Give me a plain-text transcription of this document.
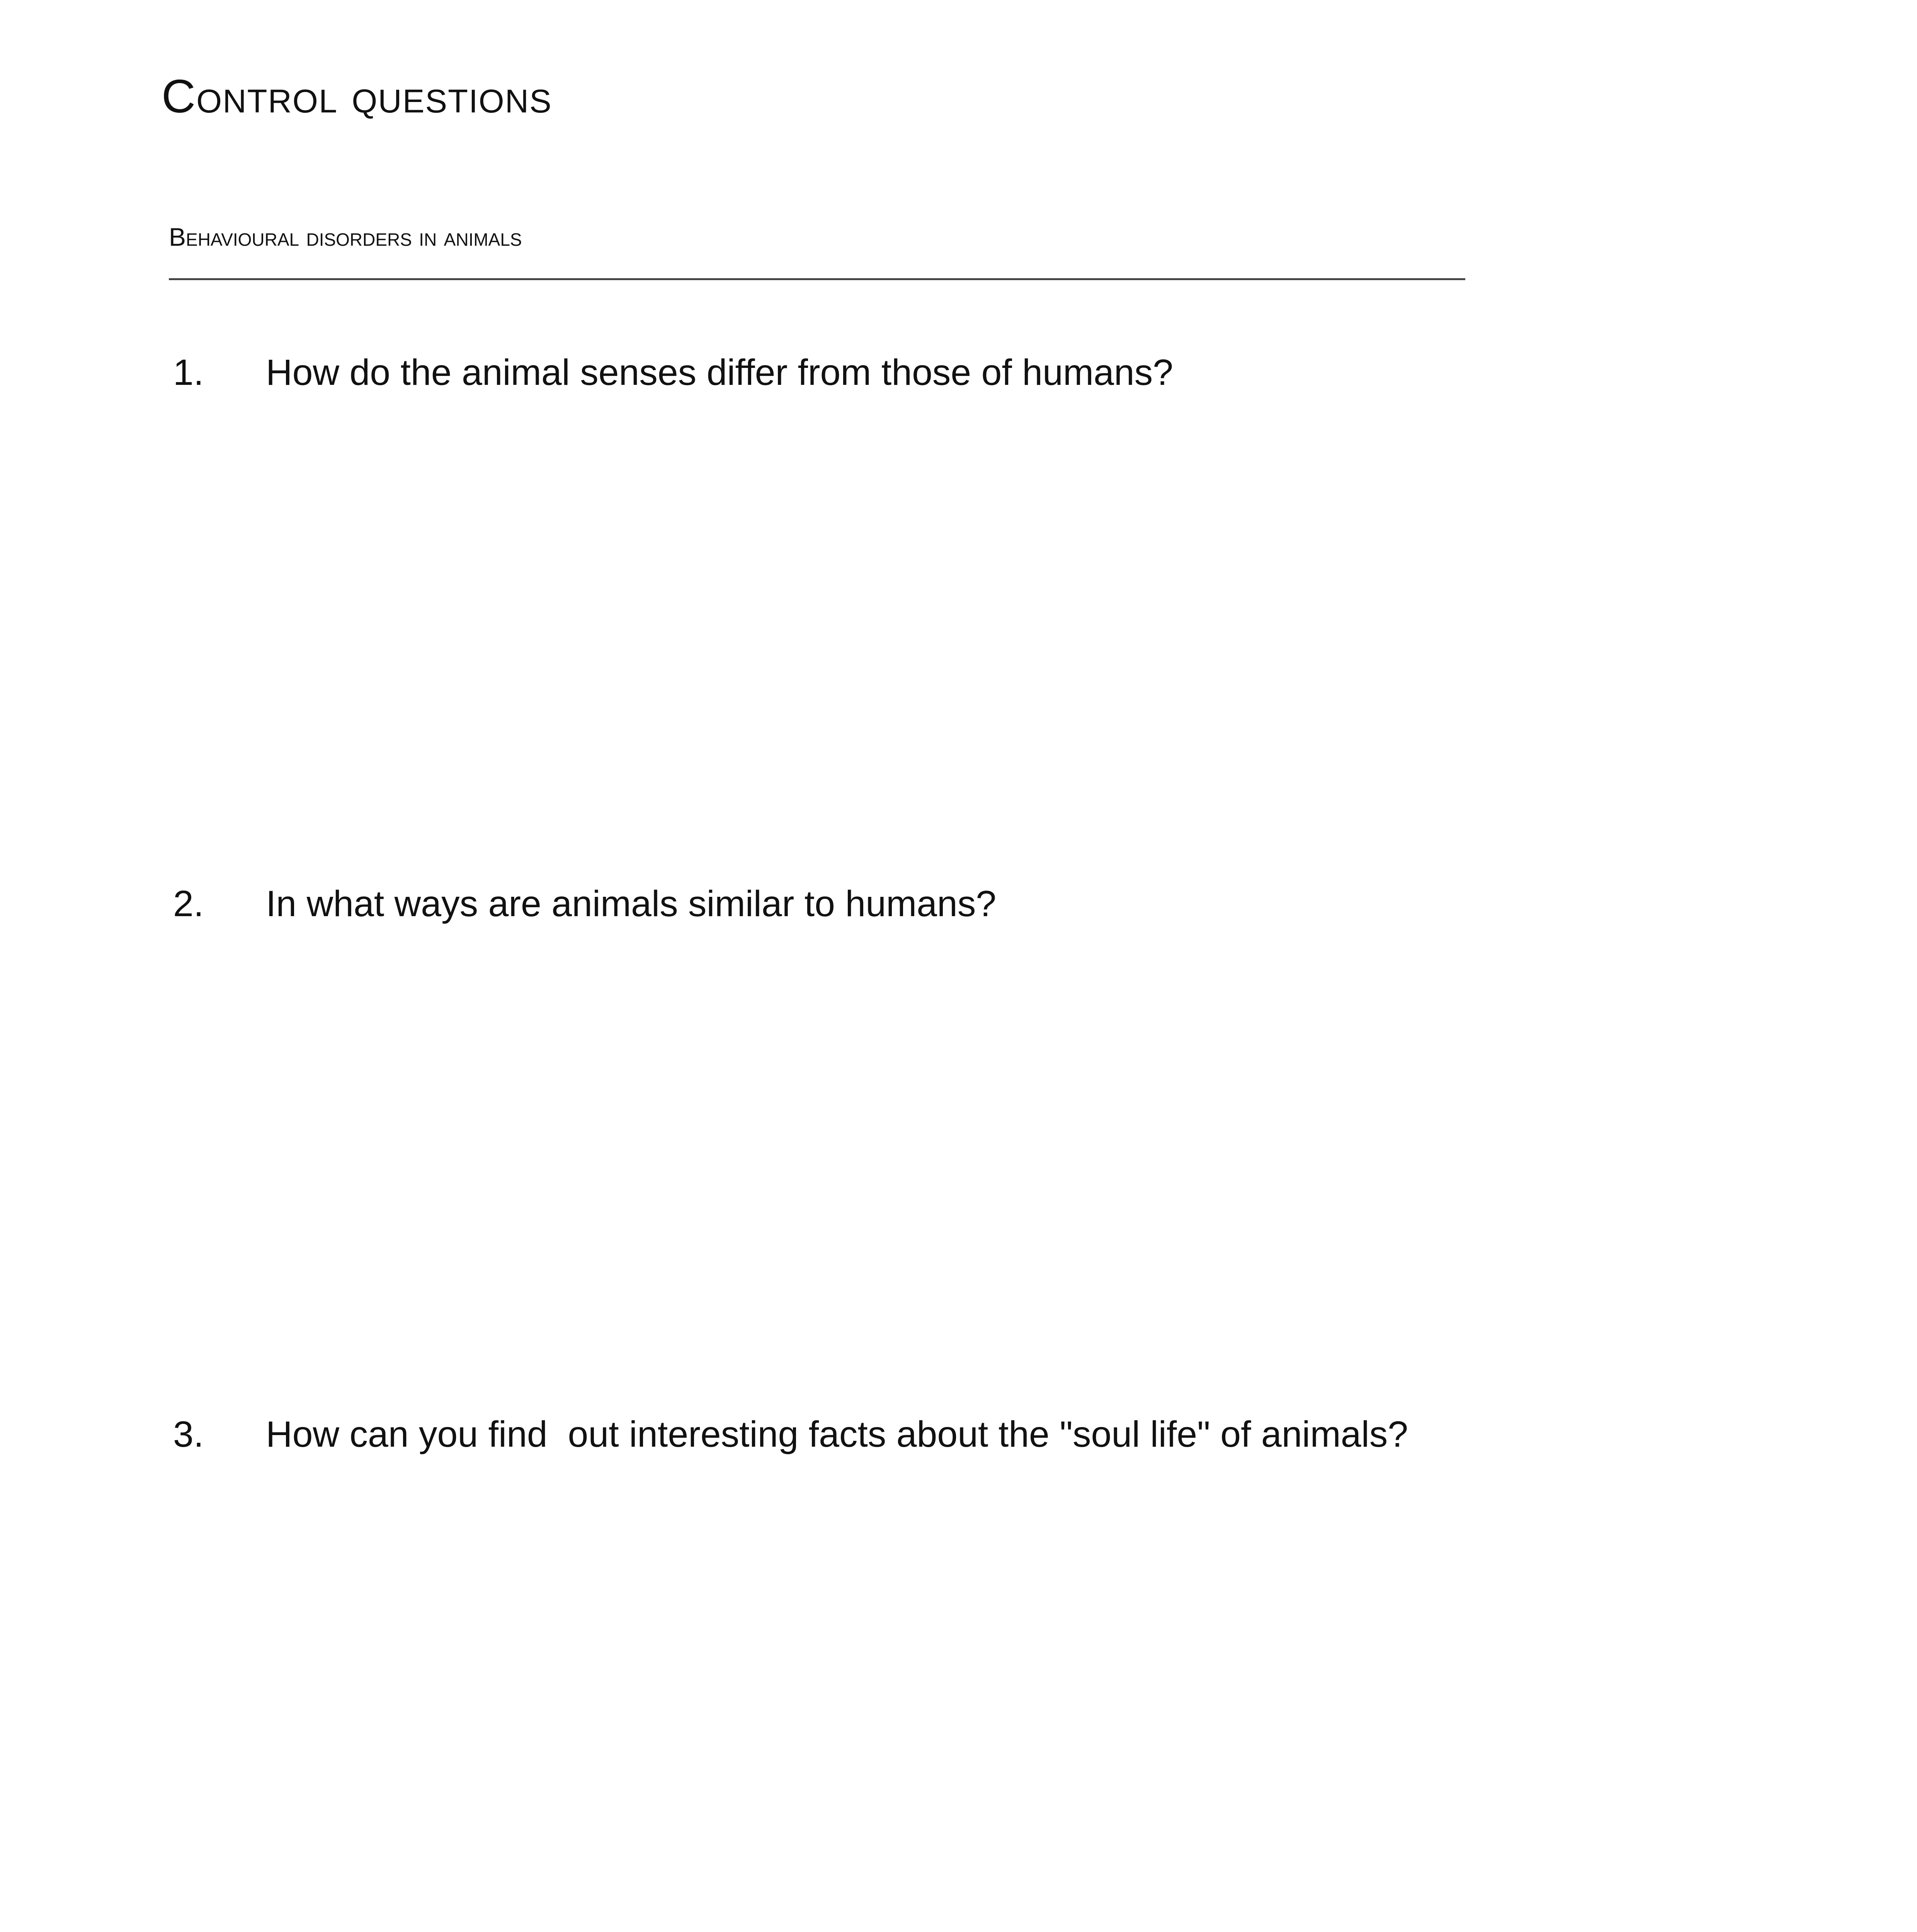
Control questions
Behavioural disorders in animals
1. How do the animal senses differ from those of humans?
2. In what ways are animals similar to humans?
3. How can you find  out interesting facts about the "soul life" of animals?
